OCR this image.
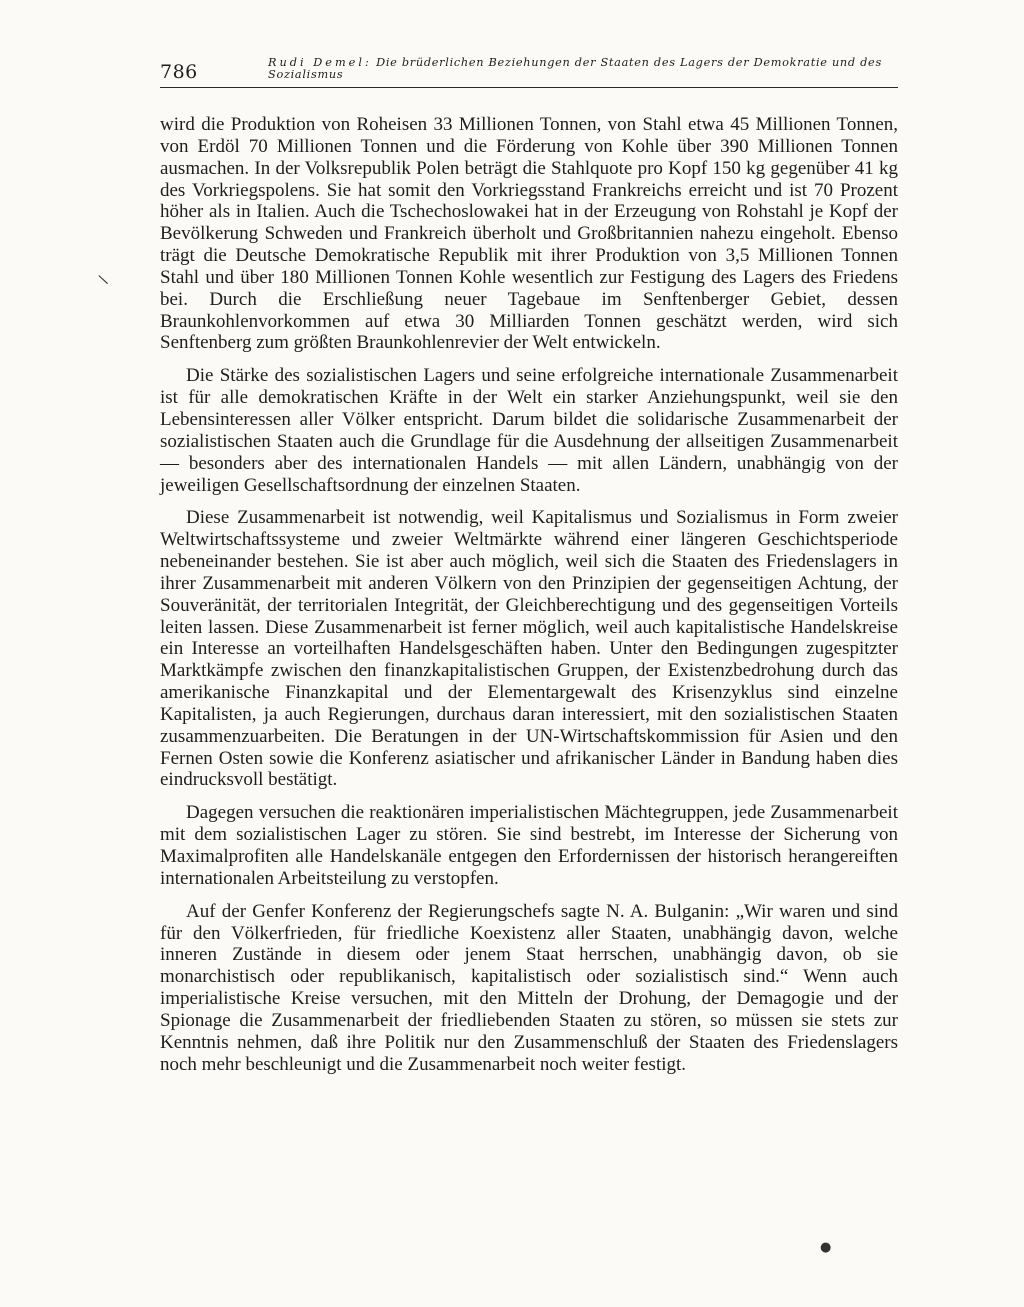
786	Rudi Demel: Die brüderlichen Beziehungen der Staaten des Lagers der Demokratie und des Sozialismus

wird die Produktion von Roheisen 33 Millionen Tonnen, von Stahl etwa 45 Millionen Tonnen, von Erdöl 70 Millionen Tonnen und die Förderung von Kohle über 390 Millionen Tonnen ausmachen. In der Volksrepublik Polen beträgt die Stahlquote pro Kopf 150 kg gegenüber 41 kg des Vorkriegspolens. Sie hat somit den Vorkriegsstand Frankreichs erreicht und ist 70 Prozent höher als in Italien. Auch die Tschechoslowakei hat in der Erzeugung von Rohstahl je Kopf der Bevölkerung Schweden und Frankreich überholt und Großbritannien nahezu eingeholt. Ebenso trägt die Deutsche Demokratische Republik mit ihrer Produktion von 3,5 Millionen Tonnen Stahl und über 180 Millionen Tonnen Kohle wesentlich zur Festigung des Lagers des Friedens bei. Durch die Erschließung neuer Tagebaue im Senftenberger Gebiet, dessen Braunkohlenvorkommen auf etwa 30 Milliarden Tonnen geschätzt werden, wird sich Senftenberg zum größten Braunkohlenrevier der Welt entwickeln.

Die Stärke des sozialistischen Lagers und seine erfolgreiche internationale Zusammenarbeit ist für alle demokratischen Kräfte in der Welt ein starker Anziehungspunkt, weil sie den Lebensinteressen aller Völker entspricht. Darum bildet die solidarische Zusammenarbeit der sozialistischen Staaten auch die Grundlage für die Ausdehnung der allseitigen Zusammenarbeit — besonders aber des internationalen Handels — mit allen Ländern, unabhängig von der jeweiligen Gesellschaftsordnung der einzelnen Staaten.

Diese Zusammenarbeit ist notwendig, weil Kapitalismus und Sozialismus in Form zweier Weltwirtschaftssysteme und zweier Weltmärkte während einer längeren Geschichtsperiode nebeneinander bestehen. Sie ist aber auch möglich, weil sich die Staaten des Friedenslagers in ihrer Zusammenarbeit mit anderen Völkern von den Prinzipien der gegenseitigen Achtung, der Souveränität, der territorialen Integrität, der Gleichberechtigung und des gegenseitigen Vorteils leiten lassen. Diese Zusammenarbeit ist ferner möglich, weil auch kapitalistische Handelskreise ein Interesse an vorteilhaften Handelsgeschäften haben. Unter den Bedingungen zugespitzter Marktkämpfe zwischen den finanzkapitalistischen Gruppen, der Existenzbedrohung durch das amerikanische Finanzkapital und der Elementargewalt des Krisenzyklus sind einzelne Kapitalisten, ja auch Regierungen, durchaus daran interessiert, mit den sozialistischen Staaten zusammenzuarbeiten. Die Beratungen in der UN-Wirtschaftskommission für Asien und den Fernen Osten sowie die Konferenz asiatischer und afrikanischer Länder in Bandung haben dies eindrucksvoll bestätigt.

Dagegen versuchen die reaktionären imperialistischen Mächtegruppen, jede Zusammenarbeit mit dem sozialistischen Lager zu stören. Sie sind bestrebt, im Interesse der Sicherung von Maximalprofiten alle Handelskanäle entgegen den Erfordernissen der historisch herangereiften internationalen Arbeitsteilung zu verstopfen.

Auf der Genfer Konferenz der Regierungschefs sagte N. A. Bulganin: „Wir waren und sind für den Völkerfrieden, für friedliche Koexistenz aller Staaten, unabhängig davon, welche inneren Zustände in diesem oder jenem Staat herrschen, unabhängig davon, ob sie monarchistisch oder republikanisch, kapitalistisch oder sozialistisch sind.“ Wenn auch imperialistische Kreise versuchen, mit den Mitteln der Drohung, der Demagogie und der Spionage die Zusammenarbeit der friedliebenden Staaten zu stören, so müssen sie stets zur Kenntnis nehmen, daß ihre Politik nur den Zusammenschluß der Staaten des Friedenslagers noch mehr beschleunigt und die Zusammenarbeit noch weiter festigt.

\
●
